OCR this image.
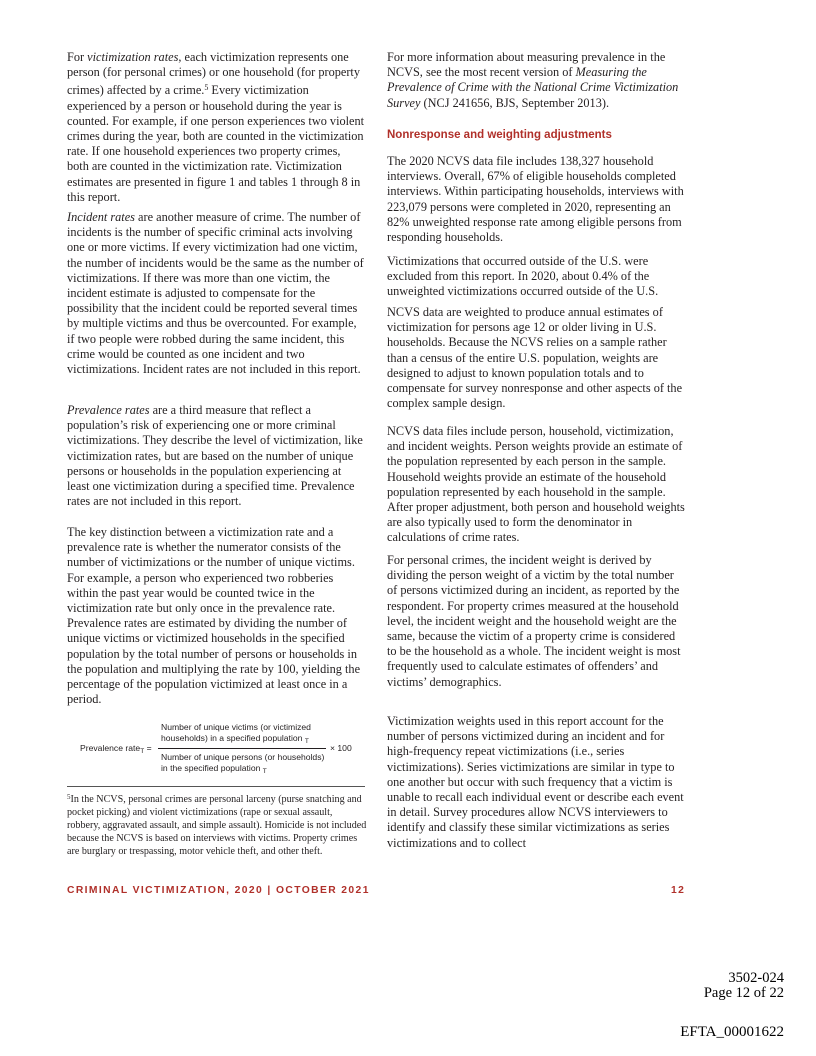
For victimization rates, each victimization represents one person (for personal crimes) or one household (for property crimes) affected by a crime.$^5$ Every victimization experienced by a person or household during the year is counted. For example, if one person experiences two violent crimes during the year, both are counted in the victimization rate. If one household experiences two property crimes, both are counted in the victimization rate. Victimization estimates are presented in figure 1 and tables 1 through 8 in this report.

Incident rates are another measure of crime. The number of incidents is the number of specific criminal acts involving one or more victims. If every victimization had one victim, the number of incidents would be the same as the number of victimizations. If there was more than one victim, the incident estimate is adjusted to compensate for the possibility that the incident could be reported several times by multiple victims and thus be overcounted. For example, if two people were robbed during the same incident, this crime would be counted as one incident and two victimizations. Incident rates are not included in this report.

Prevalence rates are a third measure that reflect a population’s risk of experiencing one or more criminal victimizations. They describe the level of victimization, like victimization rates, but are based on the number of unique persons or households in the population experiencing at least one victimization during a specified time. Prevalence rates are not included in this report.

The key distinction between a victimization rate and a prevalence rate is whether the numerator consists of the number of victimizations or the number of unique victims. For example, a person who experienced two robberies within the past year would be counted twice in the victimization rate but only once in the prevalence rate. Prevalence rates are estimated by dividing the number of unique victims or victimized households in the specified population by the total number of persons or households in the population and multiplying the rate by 100, yielding the percentage of the population victimized at least once in a period.

Prevalence rate$_T$ =
Number of unique victims (or victimized households) in a specified population $_T$
Number of unique persons (or households) in the specified population $_T$
× 100
$^5$In the NCVS, personal crimes are personal larceny (purse snatching and pocket picking) and violent victimizations (rape or sexual assault, robbery, aggravated assault, and simple assault). Homicide is not included because the NCVS is based on interviews with victims. Property crimes are burglary or trespassing, motor vehicle theft, and other theft.

For more information about measuring prevalence in the NCVS, see the most recent version of Measuring the Prevalence of Crime with the National Crime Victimization Survey (NCJ 241656, BJS, September 2013).

Nonresponse and weighting adjustments

The 2020 NCVS data file includes 138,327 household interviews. Overall, 67% of eligible households completed interviews. Within participating households, interviews with 223,079 persons were completed in 2020, representing an 82% unweighted response rate among eligible persons from responding households.

Victimizations that occurred outside of the U.S. were excluded from this report. In 2020, about 0.4% of the unweighted victimizations occurred outside of the U.S.

NCVS data are weighted to produce annual estimates of victimization for persons age 12 or older living in U.S. households. Because the NCVS relies on a sample rather than a census of the entire U.S. population, weights are designed to adjust to known population totals and to compensate for survey nonresponse and other aspects of the complex sample design.

NCVS data files include person, household, victimization, and incident weights. Person weights provide an estimate of the population represented by each person in the sample. Household weights provide an estimate of the household population represented by each household in the sample. After proper adjustment, both person and household weights are also typically used to form the denominator in calculations of crime rates.

For personal crimes, the incident weight is derived by dividing the person weight of a victim by the total number of persons victimized during an incident, as reported by the respondent. For property crimes measured at the household level, the incident weight and the household weight are the same, because the victim of a property crime is considered to be the household as a whole. The incident weight is most frequently used to calculate estimates of offenders’ and victims’ demographics.

Victimization weights used in this report account for the number of persons victimized during an incident and for high-frequency repeat victimizations (i.e., series victimizations). Series victimizations are similar in type to one another but occur with such frequency that a victim is unable to recall each individual event or describe each event in detail. Survey procedures allow NCVS interviewers to identify and classify these similar victimizations as series victimizations and to collect

CRIMINAL VICTIMIZATION, 2020 | OCTOBER 2021	12
3502-024
Page 12 of 22
EFTA_00001622
